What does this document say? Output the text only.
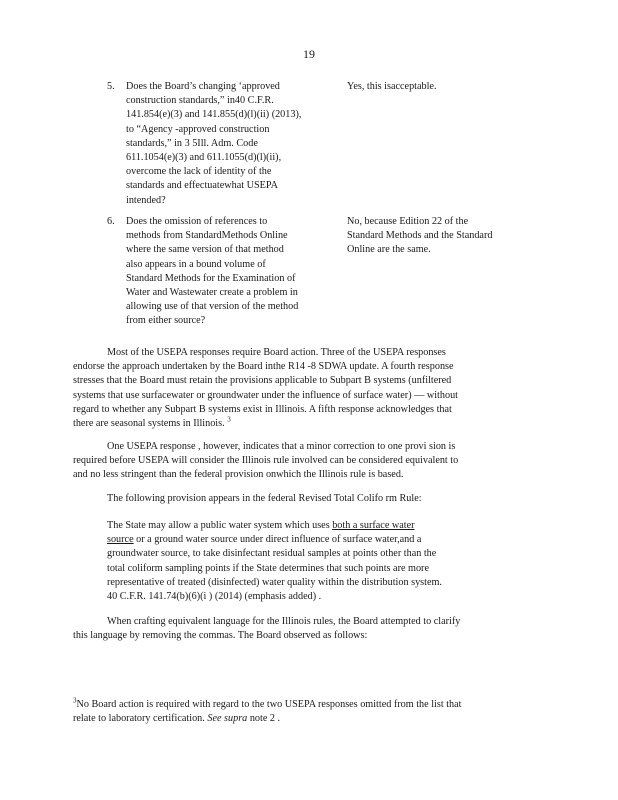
19
5.	Does the Board’s changing ‘approved
construction standards,” in40 C.F.R.
141.854(e)(3) and 141.855(d)(l)(ii) (2013),
to “Agency -approved construction
standards,” in 3 5Ill. Adm. Code
611.1054(e)(3) and 611.1055(d)(l)(ii),
overcome the lack of identity of the
standards and effectuatewhat USEPA
intended?
Yes, this isacceptable.
6.	Does the omission of references to
methods from StandardMethods Online
where the same version of that method
also appears in a bound volume of
Standard Methods for the Examination of
Water and Wastewater create a problem in
allowing use of that version of the method
from either source?
No, because Edition 22 of the
Standard Methods and the Standard
Online are the same.
Most of the USEPA responses require Board action. Three of the USEPA responses
endorse the approach undertaken by the Board inthe R14 -8 SDWA update. A fourth response
stresses that the Board must retain the provisions applicable to Subpart B systems (unfiltered
systems that use surfacewater or groundwater under the influence of surface water) — without
regard to whether any Subpart B systems exist in Illinois. A fifth response acknowledges that
there are seasonal systems in Illinois. $^3$
One USEPA response , however, indicates that a minor correction to one provi sion is
required before USEPA will consider the Illinois rule involved can be considered equivalent to
and no less stringent than the federal provision onwhich the Illinois rule is based.
The following provision appears in the federal Revised Total Colifo rm Rule:
The State may allow a public water system which uses both a surface water
source or a ground water source under direct influence of surface water,and a
groundwater source, to take disinfectant residual samples at points other than the
total coliform sampling points if the State determines that such points are more
representative of treated (disinfected) water quality within the distribution system.
40 C.F.R. 141.74(b)(6)(i ) (2014) (emphasis added) .
When crafting equivalent language for the Illinois rules, the Board attempted to clarify
this language by removing the commas. The Board observed as follows:
$^3$No Board action is required with regard to the two USEPA responses omitted from the list that
relate to laboratory certification. See supra note 2 .
